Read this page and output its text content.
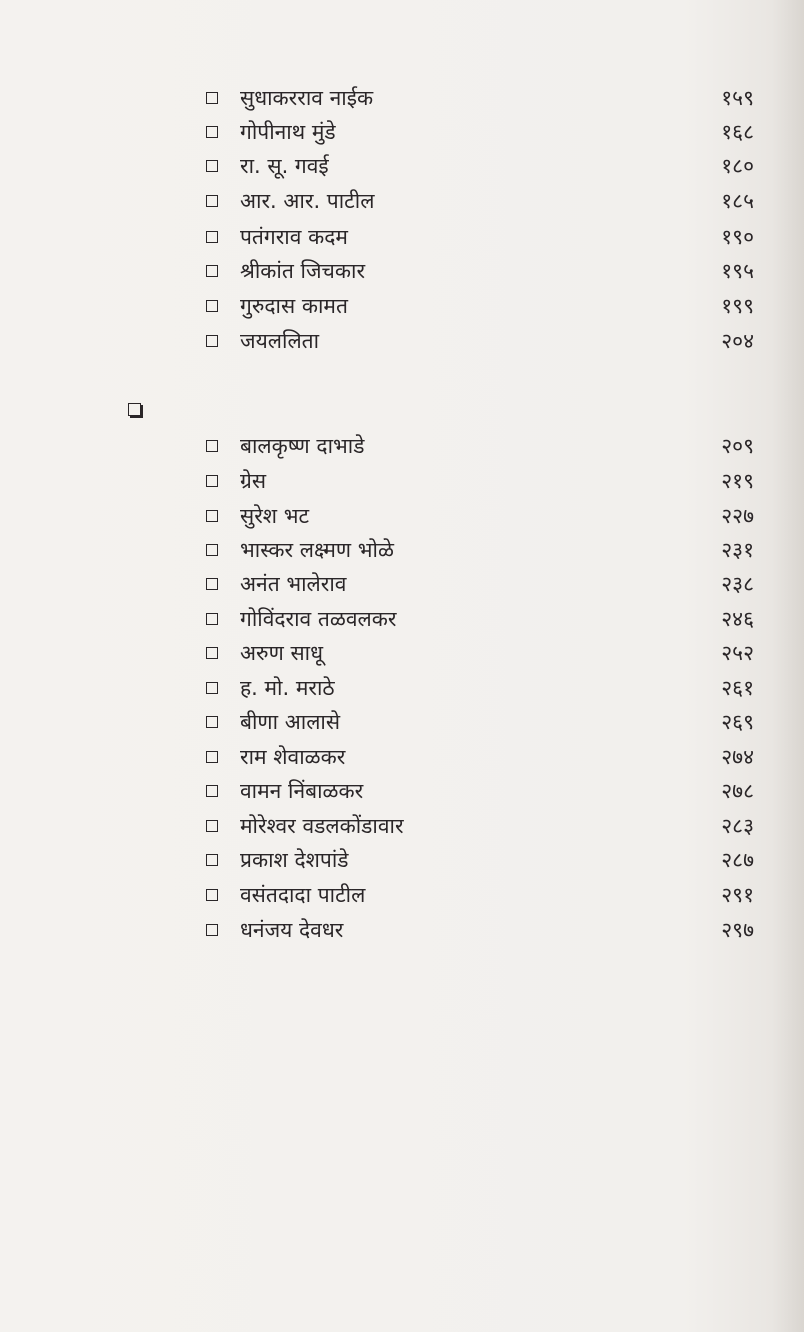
सुधाकरराव नाईक	१५९
गोपीनाथ मुंडे	१६८
रा. सू. गवई	१८०
आर. आर. पाटील	१८५
पतंगराव कदम	१९०
श्रीकांत जिचकार	१९५
गुरुदास कामत	१९९
जयललिता	२०४
बालकृष्ण दाभाडे	२०९
ग्रेस	२१९
सुरेश भट	२२७
भास्कर लक्ष्मण भोळे	२३१
अनंत भालेराव	२३८
गोविंदराव तळवलकर	२४६
अरुण साधू	२५२
ह. मो. मराठे	२६१
बीणा आलासे	२६९
राम शेवाळकर	२७४
वामन निंबाळकर	२७८
मोरेश्वर वडलकोंडावार	२८३
प्रकाश देशपांडे	२८७
वसंतदादा पाटील	२९१
धनंजय देवधर	२९७
